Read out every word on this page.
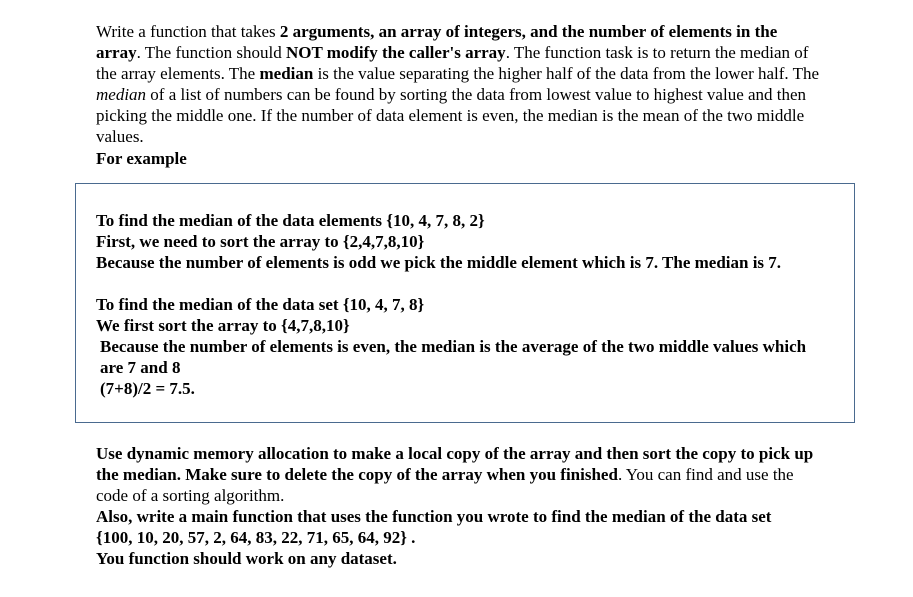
Write a function that takes 2 arguments, an array of integers, and the number of elements in the array. The function should NOT modify the caller's array. The function task is to return the median of the array elements. The median is the value separating the higher half of the data from the lower half. The median of a list of numbers can be found by sorting the data from lowest value to highest value and then picking the middle one. If the number of data element is even, the median is the mean of the two middle values.

For example

To find the median of the data elements {10, 4, 7, 8, 2}
First, we need to sort the array to {2,4,7,8,10}
Because the number of elements is odd we pick the middle element which is 7. The median is 7.
To find the median of the data set {10, 4, 7, 8}
We first sort the array to {4,7,8,10}
Because the number of elements is even, the median is the average of the two middle values which are 7 and 8
(7+8)/2 = 7.5.

Use dynamic memory allocation to make a local copy of the array and then sort the copy to pick up the median. Make sure to delete the copy of the array when you finished. You can find and use the code of a sorting algorithm.
Also, write a main function that uses the function you wrote to find the median of the data set
{100, 10, 20, 57, 2, 64, 83, 22, 71, 65, 64, 92} .
You function should work on any dataset.
